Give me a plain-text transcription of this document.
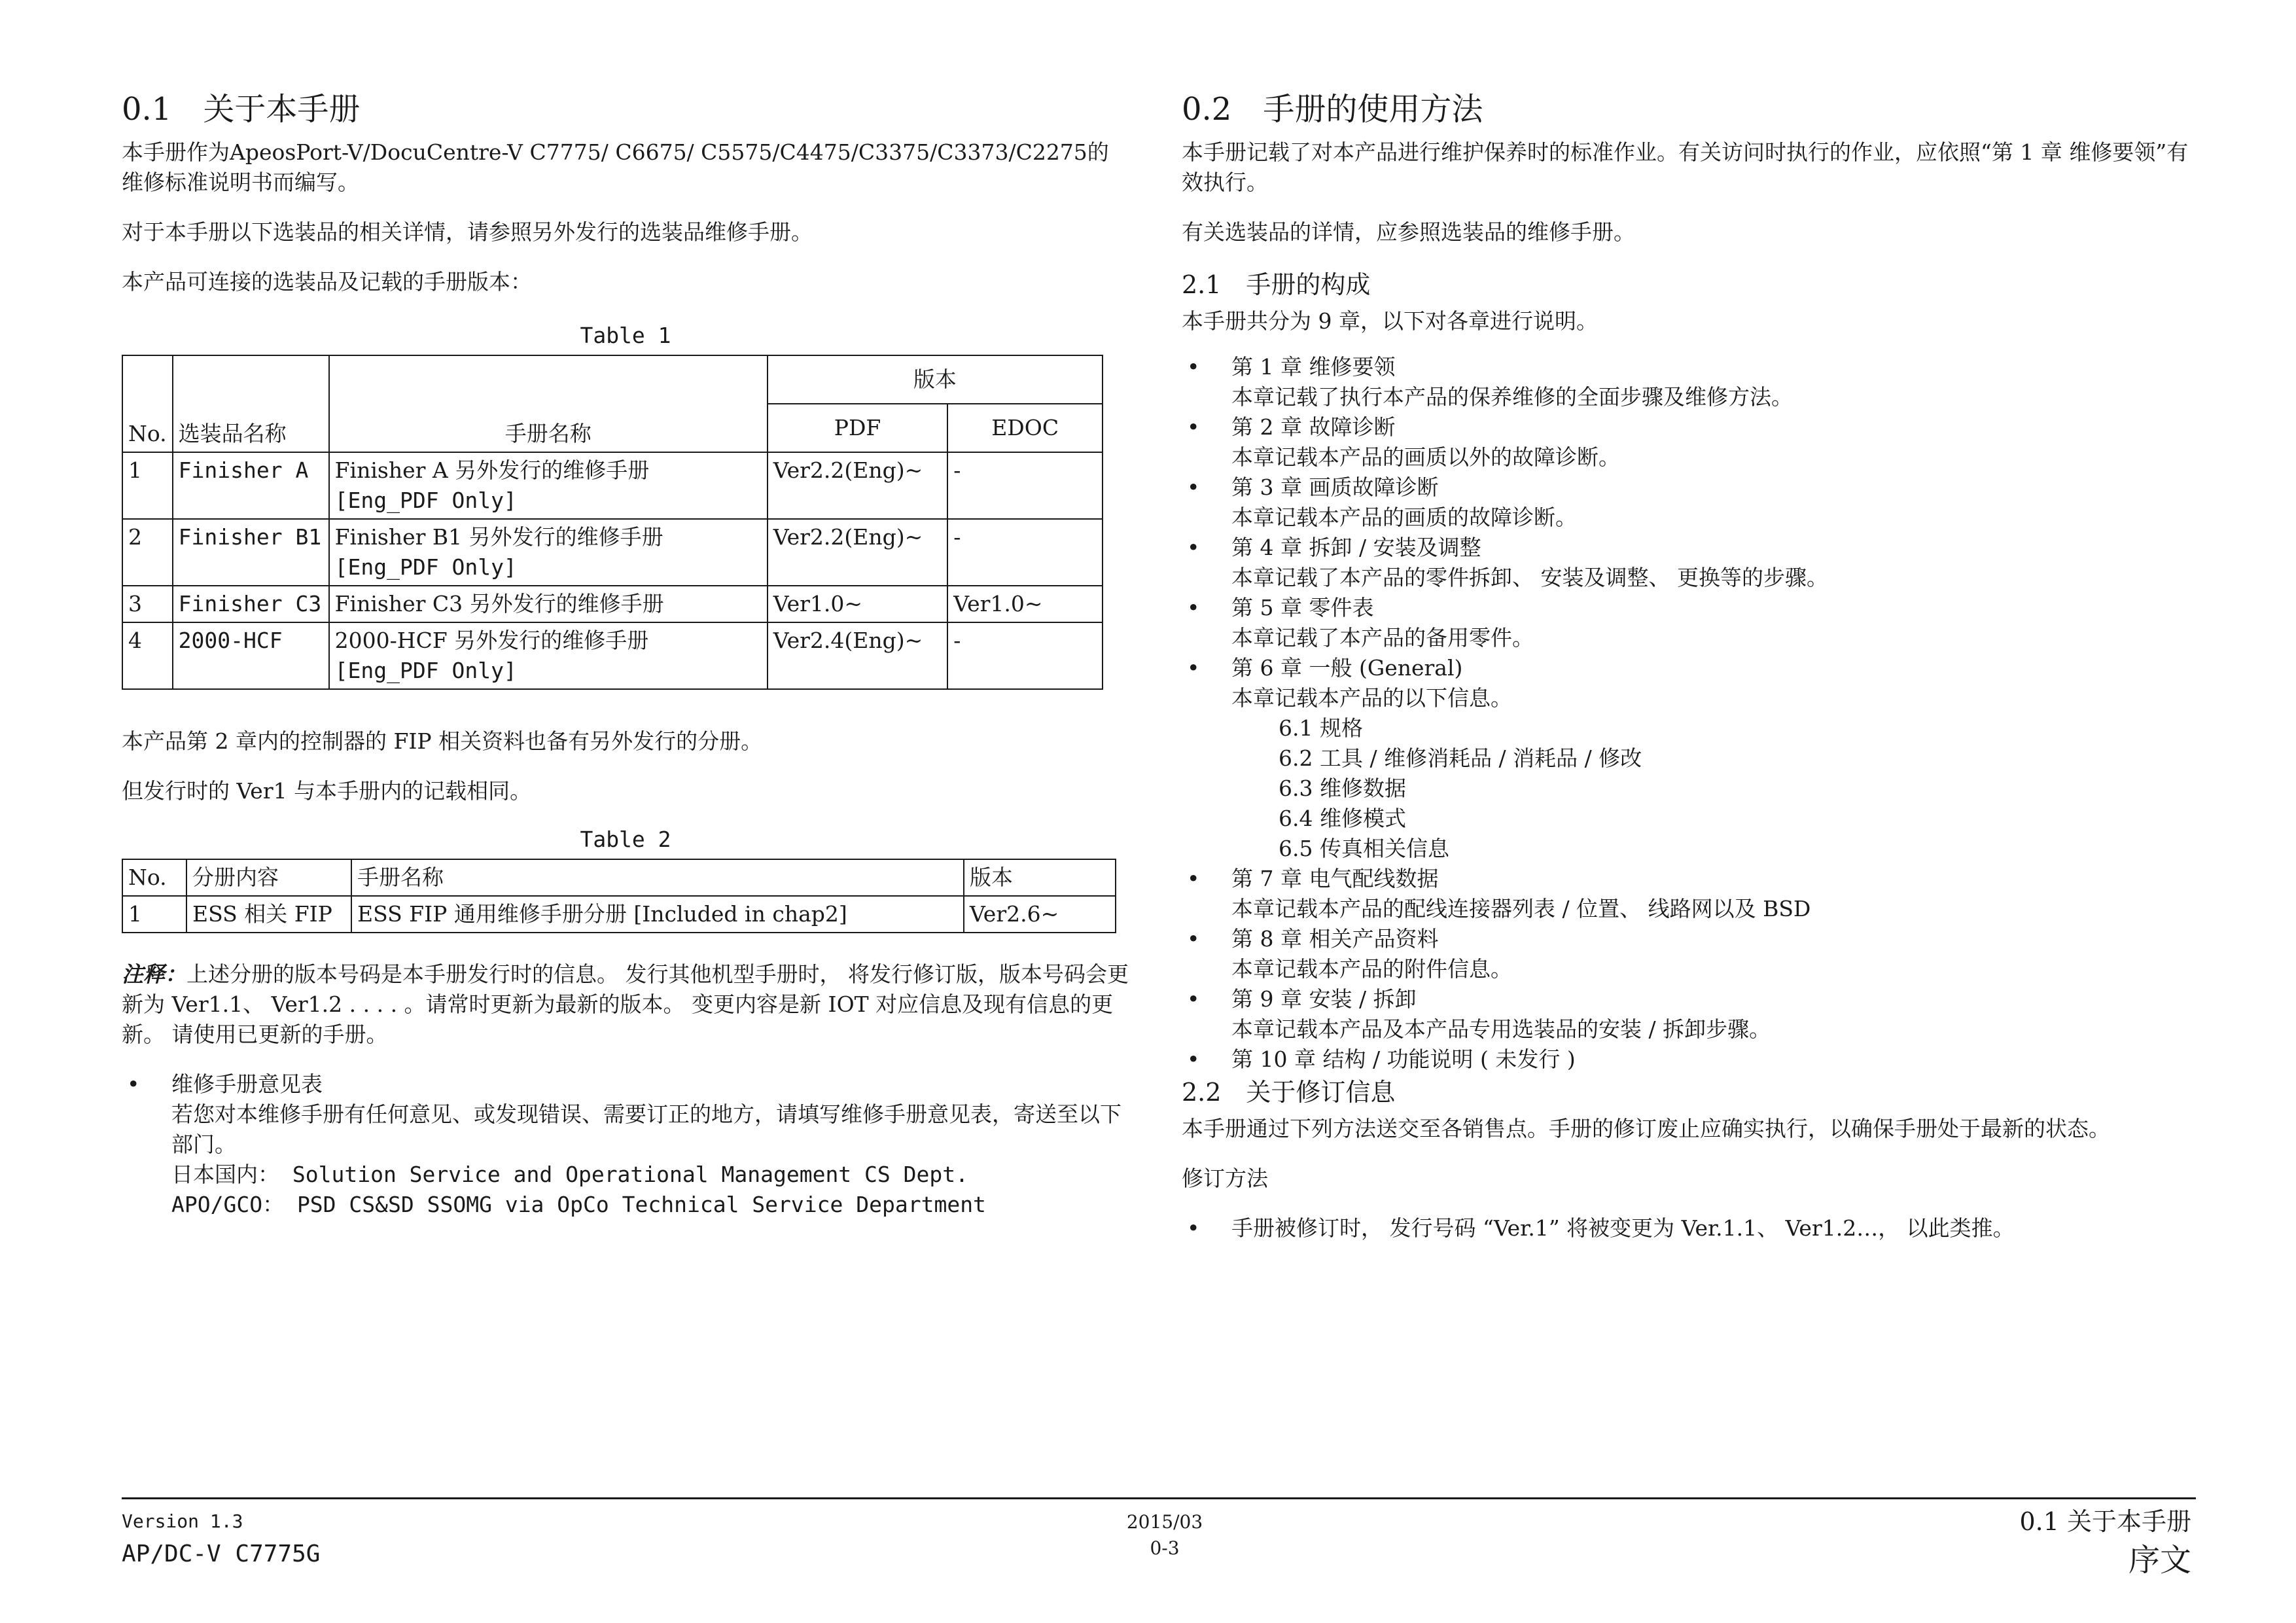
0.1　关于本手册

本手册作为ApeosPort-V/DocuCentre-V C7775/ C6675/ C5575/C4475/C3375/C3373/C2275的维修标准说明书而编写。

对于本手册以下选装品的相关详情，请参照另外发行的选装品维修手册。

本产品可连接的选装品及记载的手册版本：

Table 1
No.	选装品名称	手册名称	版本	
			PDF	EDOC
1	Finisher A	Finisher A 另外发行的维修手册
[Eng_PDF Only]	Ver2.2(Eng)~	-
2	Finisher B1	Finisher B1 另外发行的维修手册
[Eng_PDF Only]	Ver2.2(Eng)~	-
3	Finisher C3	Finisher C3 另外发行的维修手册	Ver1.0~	Ver1.0~
4	2000-HCF	2000-HCF 另外发行的维修手册
[Eng_PDF Only]	Ver2.4(Eng)~	-

本产品第 2 章内的控制器的 FIP 相关资料也备有另外发行的分册。

但发行时的 Ver1 与本手册内的记载相同。

Table 2
No.	分册内容	手册名称	版本
1	ESS 相关 FIP	ESS FIP 通用维修手册分册 [Included in chap2]	Ver2.6~

注释：上述分册的版本号码是本手册发行时的信息。 发行其他机型手册时， 将发行修订版，版本号码会更新为 Ver1.1、 Ver1.2 . . . . 。请常时更新为最新的版本。 变更内容是新 IOT 对应信息及现有信息的更新。 请使用已更新的手册。

• 维修手册意见表
若您对本维修手册有任何意见、或发现错误、需要订正的地方，请填写维修手册意见表，寄送至以下部门。
日本国内： Solution Service and Operational Management CS Dept.
APO/GCO： PSD CS&SD SSOMG via OpCo Technical Service Department
0.2　手册的使用方法

本手册记载了对本产品进行维护保养时的标准作业。有关访问时执行的作业，应依照“第 1 章 维修要领”有效执行。

有关选装品的详情，应参照选装品的维修手册。

2.1　手册的构成

本手册共分为 9 章，以下对各章进行说明。

• 第 1 章 维修要领
本章记载了执行本产品的保养维修的全面步骤及维修方法。
• 第 2 章 故障诊断
本章记载本产品的画质以外的故障诊断。
• 第 3 章 画质故障诊断
本章记载本产品的画质的故障诊断。
• 第 4 章 拆卸 / 安装及调整
本章记载了本产品的零件拆卸、 安装及调整、 更换等的步骤。
• 第 5 章 零件表
本章记载了本产品的备用零件。
• 第 6 章 一般 (General)
本章记载本产品的以下信息。
6.1 规格
6.2 工具 / 维修消耗品 / 消耗品 / 修改
6.3 维修数据
6.4 维修模式
6.5 传真相关信息
• 第 7 章 电气配线数据
本章记载本产品的配线连接器列表 / 位置、 线路网以及 BSD
• 第 8 章 相关产品资料
本章记载本产品的附件信息。
• 第 9 章 安装 / 拆卸
本章记载本产品及本产品专用选装品的安装 / 拆卸步骤。
• 第 10 章 结构 / 功能说明 ( 未发行 )
2.2　关于修订信息

本手册通过下列方法送交至各销售点。手册的修订废止应确实执行，以确保手册处于最新的状态。

修订方法

• 手册被修订时， 发行号码 “Ver.1” 将被变更为 Ver.1.1、 Ver1.2…， 以此类推。
Version 1.3
AP/DC-V C7775G
2015/03
0-3
0.1 关于本手册
序文
